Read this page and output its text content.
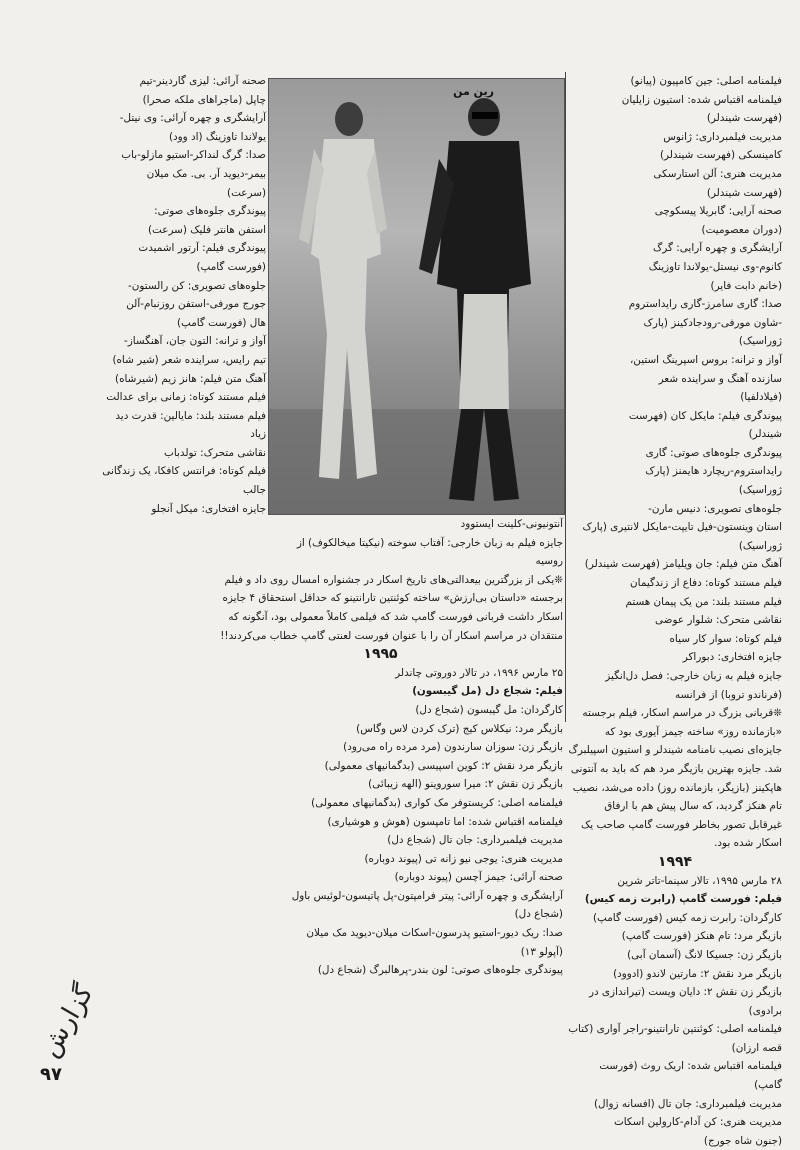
فیلمنامه اصلی: جین کامپیون (پیانو)

فیلمنامه اقتباس شده: استیون زایلیان

(فهرست شیندلر)

مدیریت فیلمبرداری: ژانوس

کامینسکی (فهرست شیندلر)

مدیریت هنری: آلن استارسکی

(فهرست شیندلر)

صحنه آرایی: گابریلا پیسکوچی

(دوران معصومیت)

آرایشگری و چهره آرایی: گرگ

کانوم-وی نیستل-یولاندا تاوزینگ

(خانم دابت فایر)

صدا: گاری سامرز-گاری رایداستروم

-شاون مورفی-رودجادکینز (پارک

ژوراسیک)

آواز و ترانه: بروس اسپرینگ استین،

سازنده آهنگ و سراینده شعر

(فیلادلفیا)

پیوندگری فیلم: مایکل کان (فهرست

شیندلر)

پیوندگری جلوه‌های صوتی: گاری

رایداستروم-ریچارد هایمنز (پارک

ژوراسیک)

جلوه‌های تصویری: دنیس مارن-

استان وینستون-فیل تایپت-مایکل لانتیری (پارک ژوراسیک)

آهنگ متن فیلم: جان ویلیامز (فهرست شیندلر)

فیلم مستند کوتاه: دفاع از زندگیمان

فیلم مستند بلند: من یک پیمان هستم

نقاشی متحرک: شلوار عوضی

فیلم کوتاه: سوار کار سیاه

جایزه افتخاری: دبوراکر

جایزه فیلم به زبان خارجی: فصل دل‌انگیز (فرناندو تروبا) از فرانسه

❊قربانی بزرگ در مراسم اسکار، فیلم برجسته «بازمانده روز» ساخته جیمز آیوری بود که جایزه‌ای نصیب نامنامه شیندلر و استیون اسپیلبرگ شد. جایزه بهترین بازیگر مرد هم که باید به آنتونی هاپکینز (بازیگر، بازمانده روز) داده می‌شد، نصیب تام هنکز گردید، که سال پیش هم با ارفاق غیرقابل تصور بخاطر فورست گامپ صاحب یک اسکار شده بود.

۱۹۹۴

۲۸ مارس ۱۹۹۵، تالار سینما-تاتر شرین

فیلم: فورست گامپ (رابرت زمه کیس)

کارگردان: رابرت زمه کیس (فورست گامپ)

بازیگر مرد: تام هنکز (فورست گامپ)

بازیگر زن: جسیکا لانگ (آسمان آبی)

بازیگر مرد نقش ۲: مارتین لاندو (ادوود)

بازیگر زن نقش ۲: دایان ویست (تیراندازی در برادوی)

فیلمنامه اصلی: کوئنتین تارانتینو-راجر آواری (کتاب قصه ارزان)

فیلمنامه اقتباس شده: اریک روث (فورست گامپ)

مدیریت فیلمبرداری: جان تال (افسانه زوال)

مدیریت هنری: کن آدام-کارولین اسکات

(جنون شاه جورج)

رین من

صحنه آرائی: لیزی گاردینر-تیم

چاپل (ماجراهای ملکه صحرا)

آرایشگری و چهره آرائی: وی نیتل-

یولاندا تاوزینگ (اد وود)

صدا: گرگ لنداکر-استیو مازلو-باب

بیمر-دیوید آر. بی. مک میلان

(سرعت)

پیوندگری جلوه‌های صوتی:

استفن هانتر فلیک (سرعت)

پیوندگری فیلم: آرتور اشمیدت

(فورست گامپ)

جلوه‌های تصویری: کن رالستون-

جورج مورفی-استفن روزنبام-آلن

هال (فورست گامپ)

آواز و ترانه: التون جان، آهنگساز-

تیم رایس، سراینده شعر (شیر شاه)

آهنگ متن فیلم: هانز زیم (شیرشاه)

فیلم مستند کوتاه: زمانی برای عدالت

فیلم مستند بلند: مایالین: قدرت دید

زیاد

نقاشی متحرک: تولدباب

فیلم کوتاه: فرانتس کافکا، یک زندگانی

جالب

جایزه افتخاری: میکل آنجلو

آنتونیونی-کلینت ایستوود

جایزه فیلم به زبان خارجی: آفتاب سوخته (نیکیتا میخالکوف) از

روسیه

❊یکی از بزرگترین بیعدالتی‌های تاریخ اسکار در جشنواره امسال روی داد و فیلم برجسته «داستان بی‌ارزش» ساخته کوئنتین تارانتینو که حداقل استحقاق ۴ جایزه اسکار داشت قربانی فورست گامپ شد که فیلمی کاملاً معمولی بود، آنگونه که منتقدان در مراسم اسکار آن را با عنوان فورست لعنتی گامپ خطاب می‌کردند!!

۱۹۹۵

۲۵ مارس ۱۹۹۶، در تالار دوروتی چاندلر

فیلم: شجاع دل (مل گیبسون)

کارگردان: مل گیبسون (شجاع دل)

بازیگر مرد: نیکلاس کیج (ترک کردن لاس وگاس)

بازیگر زن: سوزان سارندون (مرد مرده راه می‌رود)

بازیگر مرد نقش ۲: کوین اسپیسی (بدگمانیهای معمولی)

بازیگر زن نقش ۲: میرا سوروینو (الهه زیبائی)

فیلمنامه اصلی: کریستوفر مک کواری (بدگمانیهای معمولی)

فیلمنامه اقتباس شده: اما تامپسون (هوش و هوشیاری)

مدیریت فیلمبرداری: جان تال (شجاع دل)

مدیریت هنری: یوجی نیو زانه تی (پیوند دوباره)

صحنه آرائی: جیمز آچسن (پیوند دوباره)

آرایشگری و چهره آرائی: پیتر فرامپتون-پل پاتیسون-لوئیس باول

(شجاع دل)

صدا: ریک دیور-استیو پدرسون-اسکات میلان-دیوید مک میلان

(آپولو ۱۳)

پیوندگری جلوه‌های صوتی: لون بندر-پرهالبرگ (شجاع دل)

گزارش
۹۷
